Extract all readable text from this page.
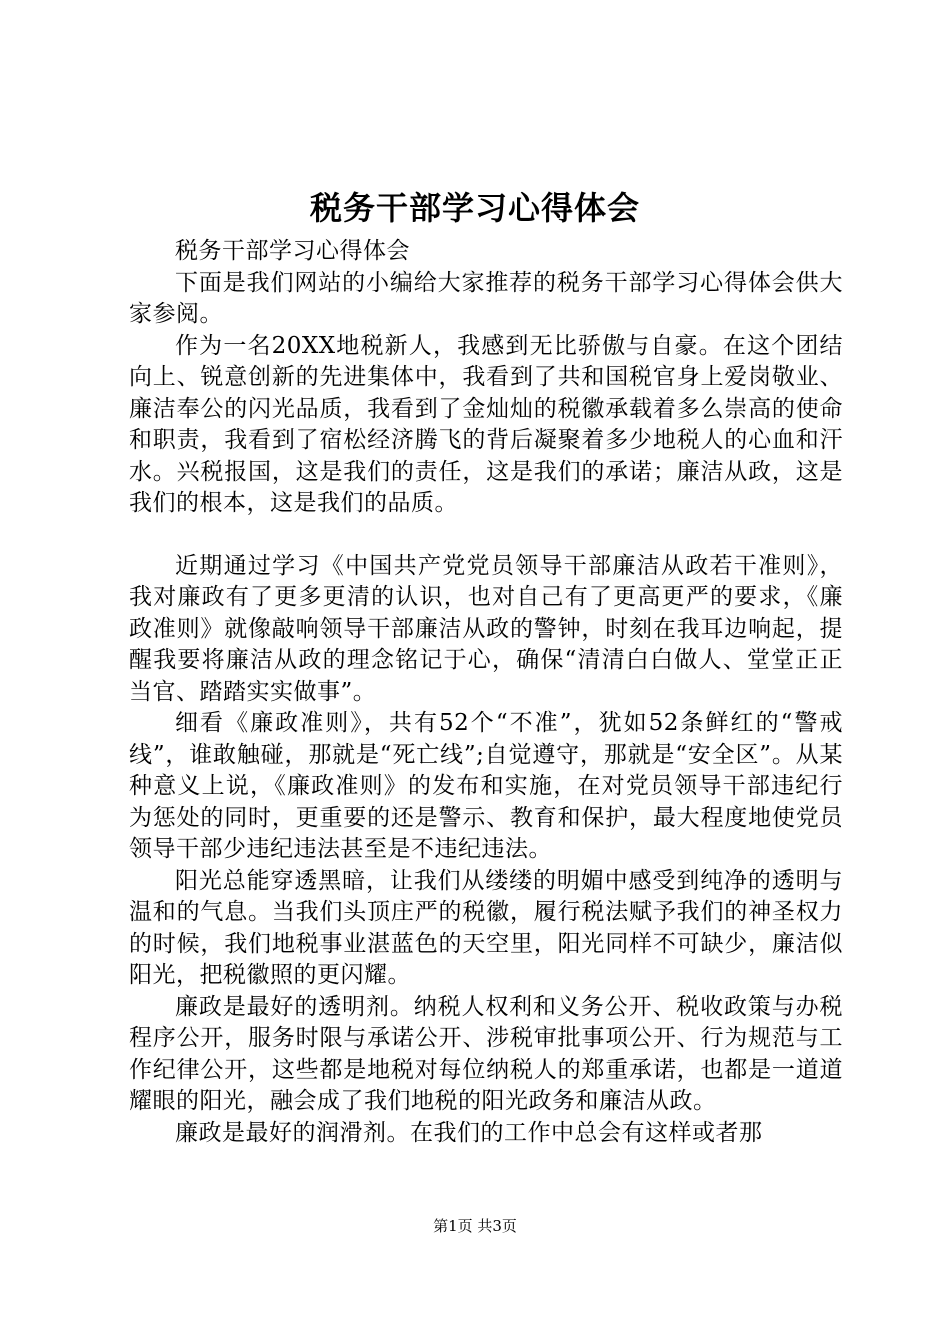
税务干部学习心得体会

税务干部学习心得体会

下面是我们网站的小编给大家推荐的税务干部学习心得体会供大家参阅。

作为一名20XX地税新人，我感到无比骄傲与自豪。在这个团结向上、锐意创新的先进集体中，我看到了共和国税官身上爱岗敬业、廉洁奉公的闪光品质，我看到了金灿灿的税徽承载着多么崇高的使命和职责，我看到了宿松经济腾飞的背后凝聚着多少地税人的心血和汗水。兴税报国，这是我们的责任，这是我们的承诺；廉洁从政，这是我们的根本，这是我们的品质。

近期通过学习《中国共产党党员领导干部廉洁从政若干准则》，我对廉政有了更多更清的认识，也对自己有了更高更严的要求，《廉政准则》就像敲响领导干部廉洁从政的警钟，时刻在我耳边响起，提醒我要将廉洁从政的理念铭记于心，确保“清清白白做人、堂堂正正当官、踏踏实实做事”。

细看《廉政准则》，共有52个“不准”，犹如52条鲜红的“警戒线”，谁敢触碰，那就是“死亡线”;自觉遵守，那就是“安全区”。从某种意义上说，《廉政准则》的发布和实施，在对党员领导干部违纪行为惩处的同时，更重要的还是警示、教育和保护，最大程度地使党员领导干部少违纪违法甚至是不违纪违法。

阳光总能穿透黑暗，让我们从缕缕的明媚中感受到纯净的透明与温和的气息。当我们头顶庄严的税徽，履行税法赋予我们的神圣权力的时候，我们地税事业湛蓝色的天空里，阳光同样不可缺少，廉洁似阳光，把税徽照的更闪耀。

廉政是最好的透明剂。纳税人权利和义务公开、税收政策与办税程序公开，服务时限与承诺公开、涉税审批事项公开、行为规范与工作纪律公开，这些都是地税对每位纳税人的郑重承诺，也都是一道道耀眼的阳光，融会成了我们地税的阳光政务和廉洁从政。

廉政是最好的润滑剂。在我们的工作中总会有这样或者那

第1页 共3页
